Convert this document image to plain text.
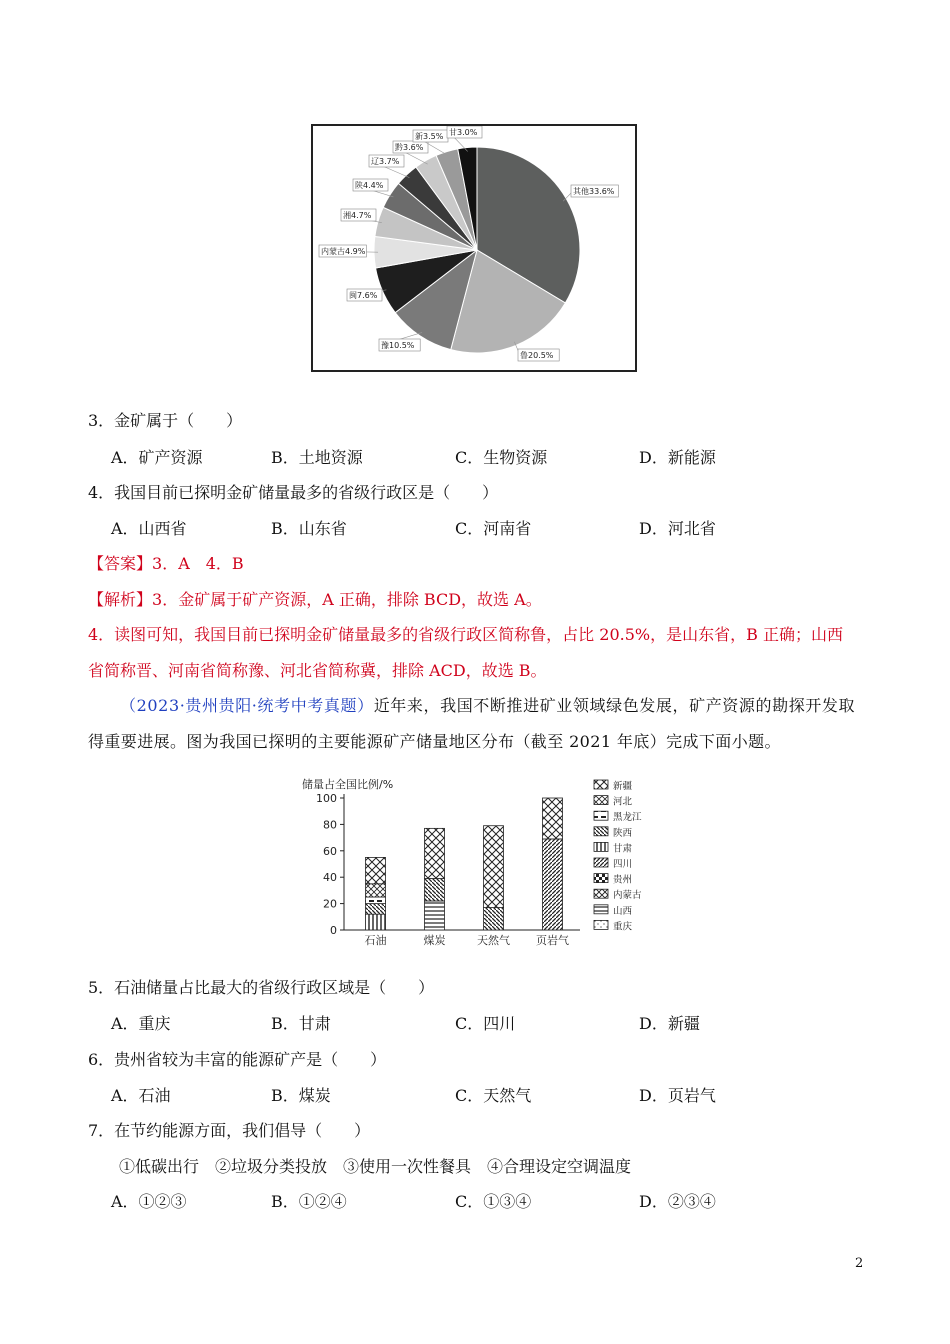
其他33.6%
鲁20.5%
豫10.5%
闽7.6%
内蒙古4.9%
湘4.7%
陕4.4%
辽3.7%
黔3.6%
新3.5% 甘3.0%
3．金矿属于（　　）
A．矿产资源	B．土地资源	C．生物资源	D．新能源
4．我国目前已探明金矿储量最多的省级行政区是（　　）
A．山西省	B．山东省	C．河南省	D．河北省
【答案】3．A　4．B
【解析】3．金矿属于矿产资源，A 正确，排除 BCD，故选 A。
4．读图可知，我国目前已探明金矿储量最多的省级行政区简称鲁，占比 20.5%，是山东省，B 正确；山西
省简称晋、河南省简称豫、河北省简称冀，排除 ACD，故选 B。
（2023·贵州贵阳·统考中考真题）近年来，我国不断推进矿业领域绿色发展，矿产资源的勘探开发取
得重要进展。图为我国已探明的主要能源矿产储量地区分布（截至 2021 年底）完成下面小题。
储量占全国比例/%
0
20
40
60
80
100
石油	煤炭	天然气 页岩气
新疆
河北
黑龙江
陕西
甘肃
四川
贵州
内蒙古
山西
重庆
5．石油储量占比最大的省级行政区域是（　　）
A．重庆	B．甘肃	C．四川	D．新疆
6．贵州省较为丰富的能源矿产是（　　）
A．石油	B．煤炭	C．天然气	D．页岩气
7．在节约能源方面，我们倡导（　　）
①低碳出行　②垃圾分类投放　③使用一次性餐具　④合理设定空调温度
A．①②③	B．①②④	C．①③④	D．②③④
2
